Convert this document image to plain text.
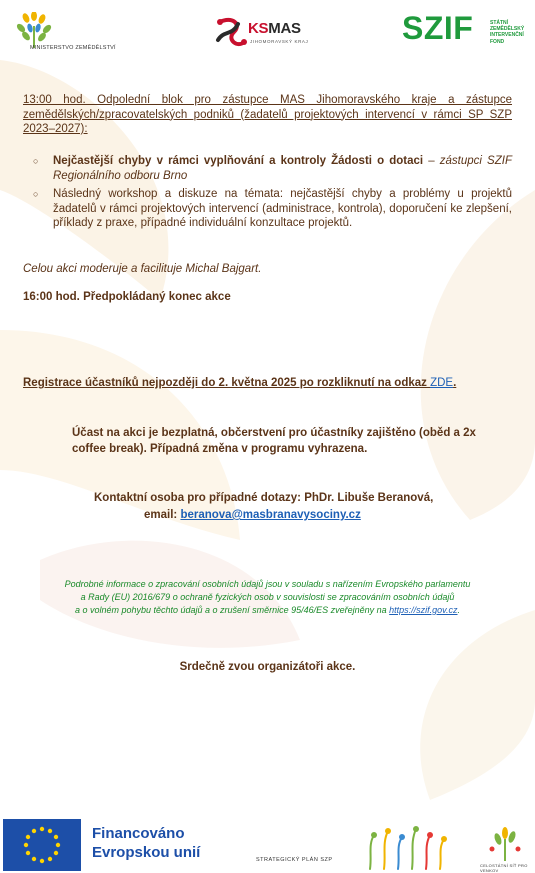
MINISTERSTVO ZEMĚDĚLSTVÍ
KSMAS
JIHOMORAVSKÝ KRAJ	SZIF	STÁTNÍ ZEMĚDĚLSKÝ INTERVENČNÍ FOND
13:00 hod. Odpolední blok pro zástupce MAS Jihomoravského kraje a zástupce zemědělských/zpracovatelských podniků (žadatelů projektových intervencí v rámci SP SZP 2023–2027):
○ Nejčastější chyby v rámci vyplňování a kontroly Žádosti o dotaci – zástupci SZIF Regionálního odboru Brno
○ Následný workshop a diskuze na témata: nejčastější chyby a problémy u projektů žadatelů v rámci projektových intervencí (administrace, kontrola), doporučení ke zlepšení, příklady z praxe, případné individuální konzultace projektů.
Celou akci moderuje a facilituje Michal Bajgart.
16:00 hod. Předpokládaný konec akce
Registrace účastníků nejpozději do 2. května 2025 po rozkliknutí na odkaz ZDE.
Účast na akci je bezplatná, občerstvení pro účastníky zajištěno (oběd a 2x coffee break). Případná změna v programu vyhrazena.
Kontaktní osoba pro případné dotazy: PhDr. Libuše Beranová,
email: beranova@masbranavysociny.cz
Podrobné informace o zpracování osobních údajů jsou v souladu s nařízením Evropského parlamentu
a Rady (EU) 2016/679 o ochraně fyzických osob v souvislosti se zpracováním osobních údajů
a o volném pohybu těchto údajů a o zrušení směrnice 95/46/ES zveřejněny na https://szif.gov.cz.
Srdečně zvou organizátoři akce.
Financováno
Evropskou unií	STRATEGICKÝ PLÁN SZP
CELOSTÁTNÍ SÍŤ PRO VENKOV
